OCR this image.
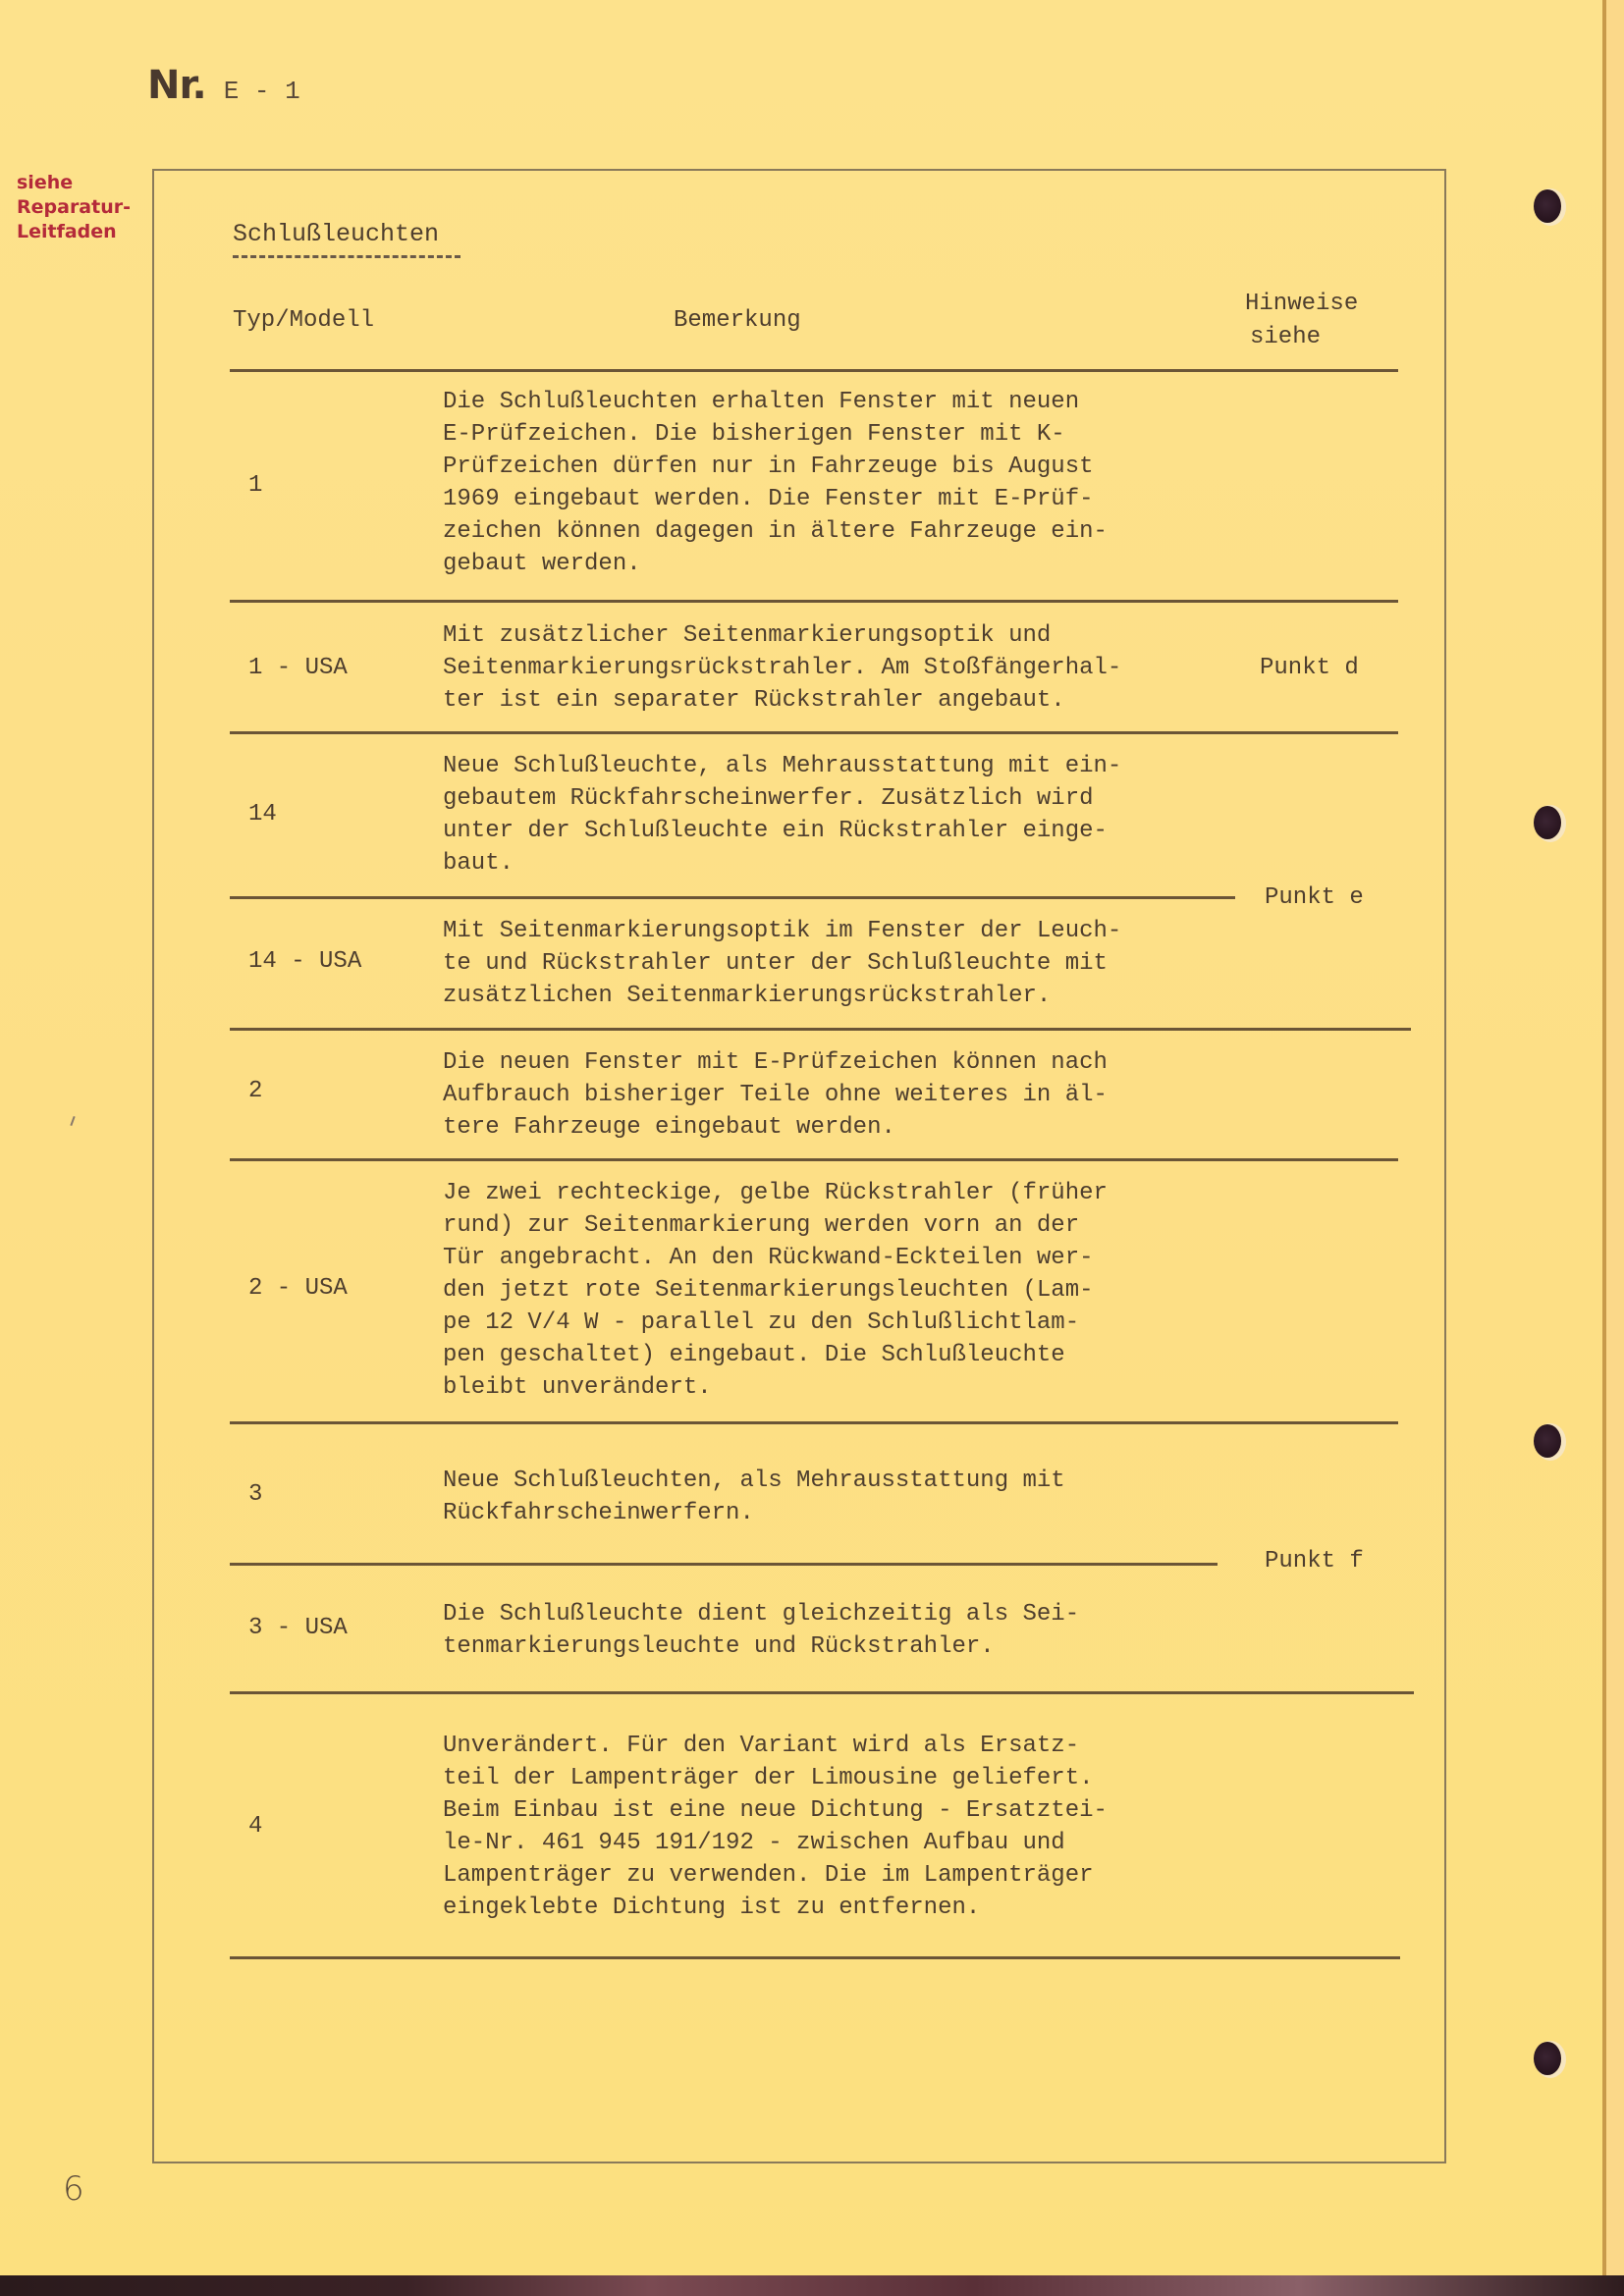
Nr. E - 1
siehe
Reparatur-
Leitfaden	Schlußleuchten
Typ/Modell	Bemerkung
Hinweise
siehe
1
Die Schlußleuchten erhalten Fenster mit neuen
E-Prüfzeichen. Die bisherigen Fenster mit K-
Prüfzeichen dürfen nur in Fahrzeuge bis August
1969 eingebaut werden. Die Fenster mit E-Prüf-
zeichen können dagegen in ältere Fahrzeuge ein-
gebaut werden.
1 - USA
Mit zusätzlicher Seitenmarkierungsoptik und
Seitenmarkierungsrückstrahler. Am Stoßfängerhal-
ter ist ein separater Rückstrahler angebaut.
Punkt d
14
Neue Schlußleuchte, als Mehrausstattung mit ein-
gebautem Rückfahrscheinwerfer. Zusätzlich wird
unter der Schlußleuchte ein Rückstrahler einge-
baut.
Punkt e
14 - USA
Mit Seitenmarkierungsoptik im Fenster der Leuch-
te und Rückstrahler unter der Schlußleuchte mit
zusätzlichen Seitenmarkierungsrückstrahler.
2
Die neuen Fenster mit E-Prüfzeichen können nach
Aufbrauch bisheriger Teile ohne weiteres in äl-
tere Fahrzeuge eingebaut werden.
2 - USA
Je zwei rechteckige, gelbe Rückstrahler (früher
rund) zur Seitenmarkierung werden vorn an der
Tür angebracht. An den Rückwand-Eckteilen wer-
den jetzt rote Seitenmarkierungsleuchten (Lam-
pe 12 V/4 W - parallel zu den Schlußlichtlam-
pen geschaltet) eingebaut. Die Schlußleuchte
bleibt unverändert.
3
Neue Schlußleuchten, als Mehrausstattung mit
Rückfahrscheinwerfern.
Punkt f
3 - USA
Die Schlußleuchte dient gleichzeitig als Sei-
tenmarkierungsleuchte und Rückstrahler.
4
Unverändert. Für den Variant wird als Ersatz-
teil der Lampenträger der Limousine geliefert.
Beim Einbau ist eine neue Dichtung - Ersatztei-
le-Nr. 461 945 191/192 - zwischen Aufbau und
Lampenträger zu verwenden. Die im Lampenträger
eingeklebte Dichtung ist zu entfernen.
6
